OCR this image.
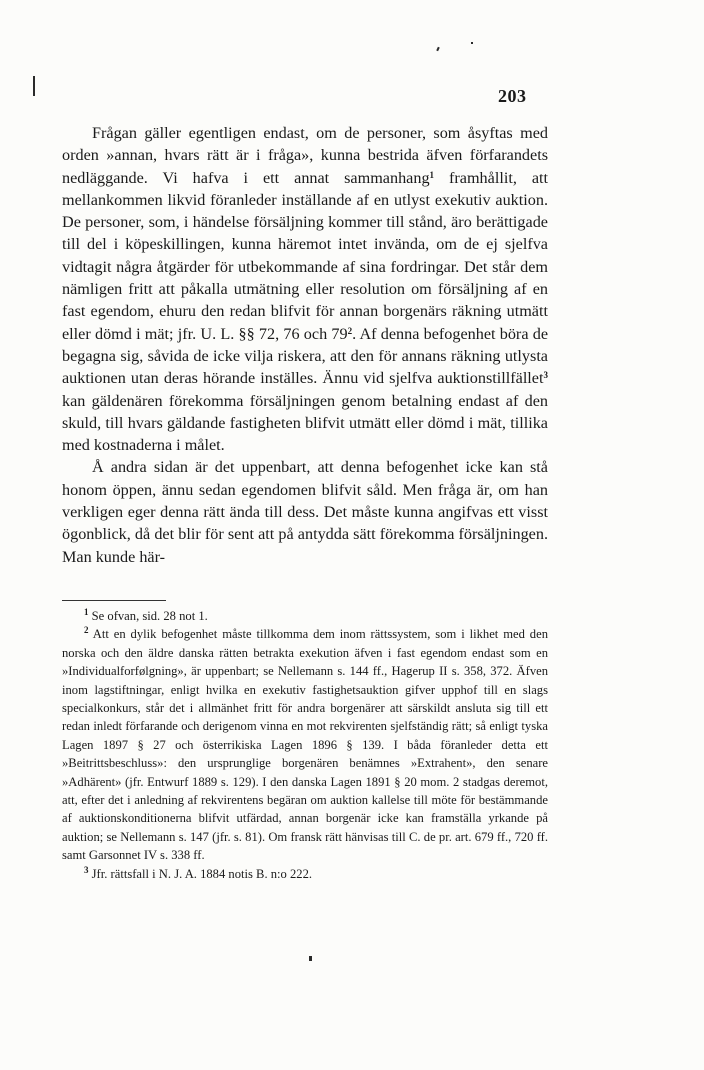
203

Frågan gäller egentligen endast, om de personer, som åsyftas med orden »annan, hvars rätt är i fråga», kunna bestrida äfven förfarandets nedläggande. Vi hafva i ett annat sammanhang$^1$ framhållit, att mellankommen likvid föranleder inställande af en utlyst exekutiv auktion. De personer, som, i händelse försäljning kommer till stånd, äro berättigade till del i köpeskillingen, kunna häremot intet invända, om de ej sjelfva vidtagit några åtgärder för utbekommande af sina fordringar. Det står dem nämligen fritt att påkalla utmätning eller resolution om försäljning af en fast egendom, ehuru den redan blifvit för annan borgenärs räkning utmätt eller dömd i mät; jfr. U. L. §§ 72, 76 och $79^2$. Af denna befogenhet böra de begagna sig, såvida de icke vilja riskera, att den för annans räkning utlysta auktionen utan deras hörande inställes. Ännu vid sjelfva auktionstillfället$^3$ kan gäldenären förekomma försäljningen genom betalning endast af den skuld, till hvars gäldande fastigheten blifvit utmätt eller dömd i mät, tillika med kostnaderna i målet.

Å andra sidan är det uppenbart, att denna befogenhet icke kan stå honom öppen, ännu sedan egendomen blifvit såld. Men fråga är, om han verkligen eger denna rätt ända till dess. Det måste kunna angifvas ett visst ögonblick, då det blir för sent att på antydda sätt förekomma försäljningen. Man kunde här-

$^1$ Se ofvan, sid. 28 not 1.

$^2$ Att en dylik befogenhet måste tillkomma dem inom rättssystem, som i likhet med den norska och den äldre danska rätten betrakta exekution äfven i fast egendom endast som en »Individualforfølgning», är uppenbart; se Nellemann s. 144 ff., Hagerup II s. 358, 372. Äfven inom lagstiftningar, enligt hvilka en exekutiv fastighetsauktion gifver upphof till en slags specialkonkurs, står det i allmänhet fritt för andra borgenärer att särskildt ansluta sig till ett redan inledt förfarande och derigenom vinna en mot rekvirenten sjelfständig rätt; så enligt tyska Lagen 1897 § 27 och österrikiska Lagen 1896 § 139. I båda föranleder detta ett »Beitrittsbeschluss»: den ursprunglige borgenären benämnes »Extrahent», den senare »Adhärent» (jfr. Entwurf 1889 s. 129). I den danska Lagen 1891 § 20 mom. 2 stadgas deremot, att, efter det i anledning af rekvirentens begäran om auktion kallelse till möte för bestämmande af auktionskonditionerna blifvit utfärdad, annan borgenär icke kan framställa yrkande på auktion; se Nellemann s. 147 (jfr. s. 81). Om fransk rätt hänvisas till C. de pr. art. 679 ff., 720 ff. samt Garsonnet IV s. 338 ff.

$^3$ Jfr. rättsfall i N. J. A. 1884 notis B. n:o 222.
